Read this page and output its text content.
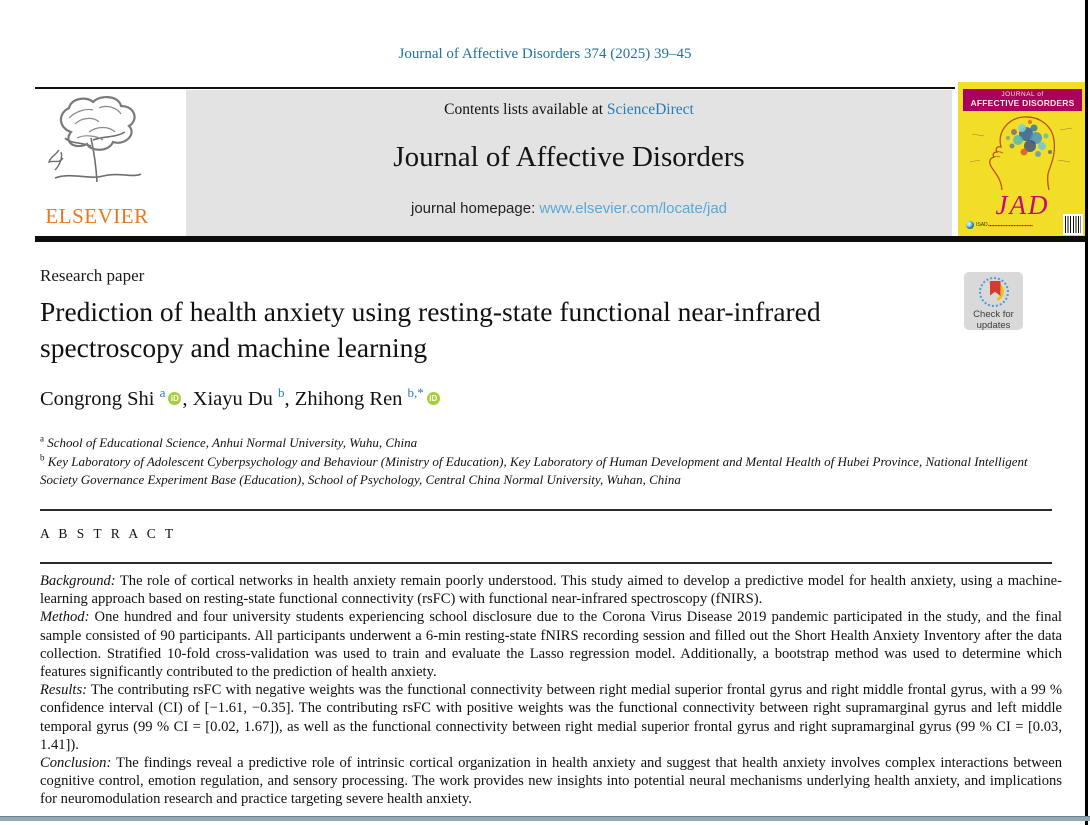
Journal of Affective Disorders 374 (2025) 39–45
ELSEVIER
Contents lists available at ScienceDirect
Journal of Affective Disorders
journal homepage: www.elsevier.com/locate/jad
JOURNAL of
AFFECTIVE DISORDERS
JAD
ISAD ▪▪▪▪▪▪▪▪▪▪▪▪▪▪▪▪▪▪▪▪▪▪▪▪▪▪▪▪
Research paper
Prediction of health anxiety using resting-state functional near-infrared spectroscopy and machine learning
Check for
updates
Congrong Shi $^a$ iD , Xiayu Du $^b$, Zhihong Ren $^{b,*}$ iD
$^a$ School of Educational Science, Anhui Normal University, Wuhu, China
$^b$ Key Laboratory of Adolescent Cyberpsychology and Behaviour (Ministry of Education), Key Laboratory of Human Development and Mental Health of Hubei Province, National Intelligent Society Governance Experiment Base (Education), School of Psychology, Central China Normal University, Wuhan, China
A B S T R A C T
Background: The role of cortical networks in health anxiety remain poorly understood. This study aimed to develop a predictive model for health anxiety, using a machine-learning approach based on resting-state functional connectivity (rsFC) with functional near-infrared spectroscopy (fNIRS).
Method: One hundred and four university students experiencing school disclosure due to the Corona Virus Disease 2019 pandemic participated in the study, and the final sample consisted of 90 participants. All participants underwent a 6-min resting-state fNIRS recording session and filled out the Short Health Anxiety Inventory after the data collection. Stratified 10-fold cross-validation was used to train and evaluate the Lasso regression model. Additionally, a bootstrap method was used to determine which features significantly contributed to the prediction of health anxiety.
Results: The contributing rsFC with negative weights was the functional connectivity between right medial superior frontal gyrus and right middle frontal gyrus, with a 99 % confidence interval (CI) of [−1.61, −0.35]. The contributing rsFC with positive weights was the functional connectivity between right supramarginal gyrus and left middle temporal gyrus (99 % CI = [0.02, 1.67]), as well as the functional connectivity between right medial superior frontal gyrus and right supramarginal gyrus (99 % CI = [0.03, 1.41]).
Conclusion: The findings reveal a predictive role of intrinsic cortical organization in health anxiety and suggest that health anxiety involves complex interactions between cognitive control, emotion regulation, and sensory processing. The work provides new insights into potential neural mechanisms underlying health anxiety, and implications for neuromodulation research and practice targeting severe health anxiety.
